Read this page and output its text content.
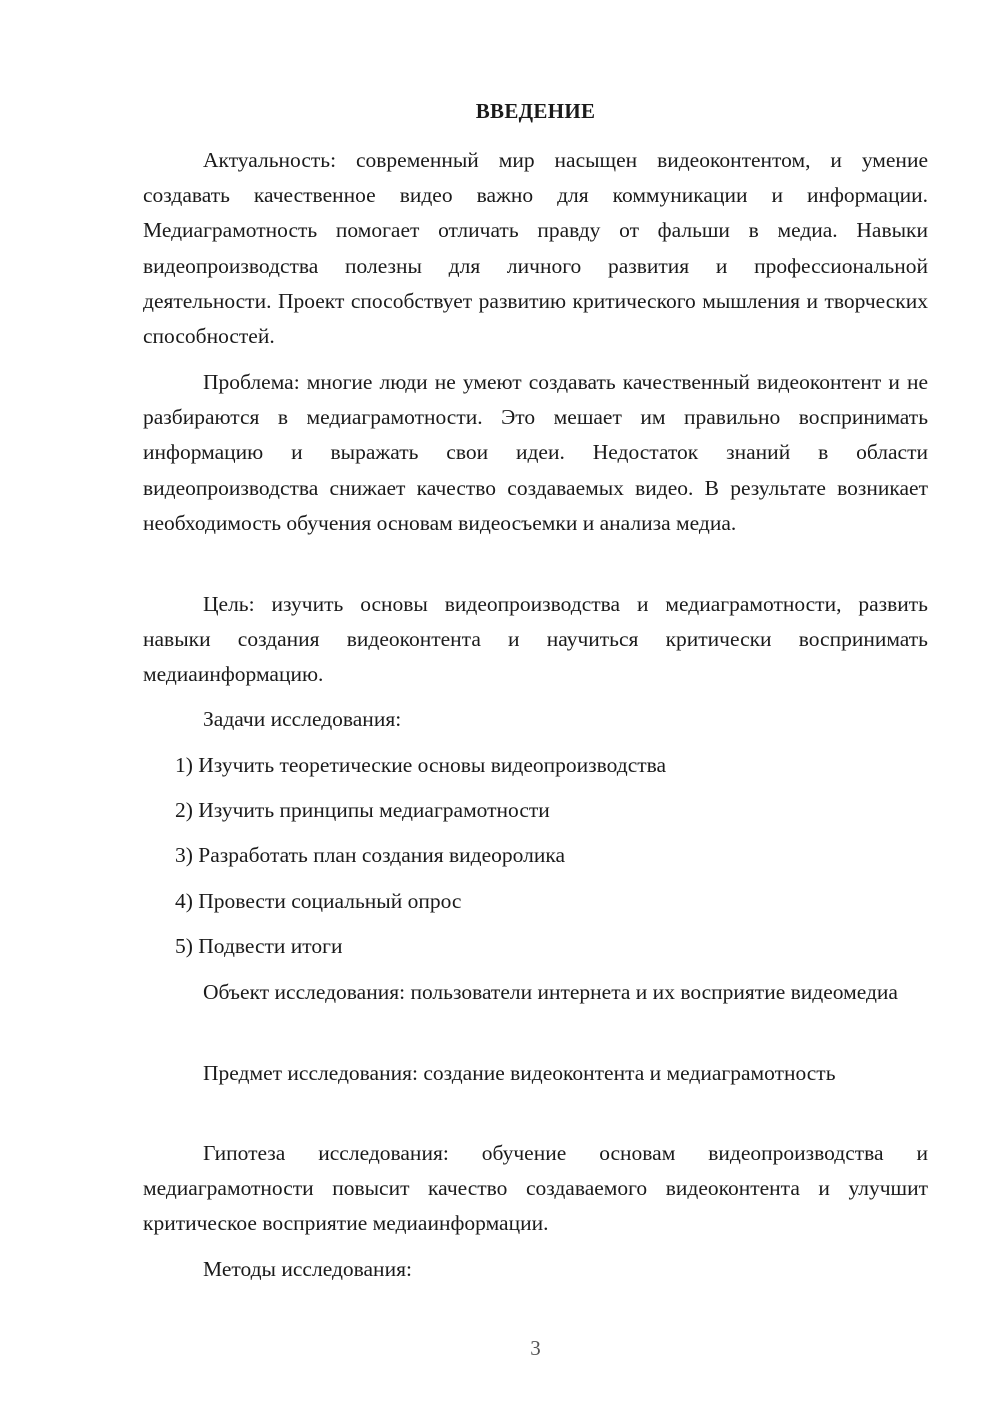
ВВЕДЕНИЕ

Актуальность: современный мир насыщен видеоконтентом, и умение создавать качественное видео важно для коммуникации и информации. Медиаграмотность помогает отличать правду от фальши в медиа. Навыки видеопроизводства полезны для личного развития и профессиональной деятельности. Проект способствует развитию критического мышления и творческих способностей.

Проблема: многие люди не умеют создавать качественный видеоконтент и не разбираются в медиаграмотности. Это мешает им правильно воспринимать информацию и выражать свои идеи. Недостаток знаний в области видеопроизводства снижает качество создаваемых видео. В результате возникает необходимость обучения основам видеосъемки и анализа медиа.

Цель: изучить основы видеопроизводства и медиаграмотности, развить навыки создания видеоконтента и научиться критически воспринимать медиаинформацию.

Задачи исследования:

1) Изучить теоретические основы видеопроизводства

2) Изучить принципы медиаграмотности

3) Разработать план создания видеоролика

4) Провести социальный опрос

5) Подвести итоги

Объект исследования: пользователи интернета и их восприятие видеомедиа

Предмет исследования: создание видеоконтента и медиаграмотность

Гипотеза исследования: обучение основам видеопроизводства и медиаграмотности повысит качество создаваемого видеоконтента и улучшит критическое восприятие медиаинформации.

Методы исследования:

3
